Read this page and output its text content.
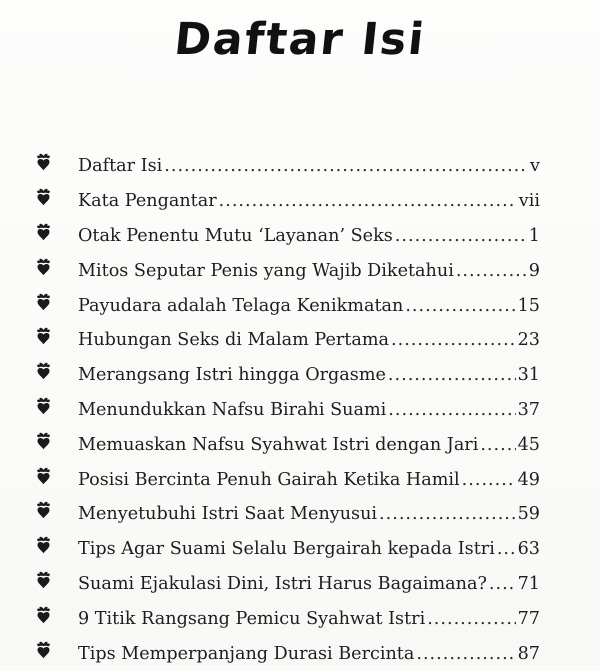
Daftar Isi
Daftar Isi .....	v
Kata Pengantar .....	vii
Otak Penentu Mutu ‘Layanan’ Seks .....	1
Mitos Seputar Penis yang Wajib Diketahui .....	9
Payudara adalah Telaga Kenikmatan .....	15
Hubungan Seks di Malam Pertama .....	23
Merangsang Istri hingga Orgasme .....	31
Menundukkan Nafsu Birahi Suami .....	37
Memuaskan Nafsu Syahwat Istri dengan Jari ..... 45
Posisi Bercinta Penuh Gairah Ketika Hamil .....	49
Menyetubuhi Istri Saat Menyusui .....	59
Tips Agar Suami Selalu Bergairah kepada Istri ..... 63
Suami Ejakulasi Dini, Istri Harus Bagaimana? ..... 71
9 Titik Rangsang Pemicu Syahwat Istri .....	77
Tips Memperpanjang Durasi Bercinta .....	87
